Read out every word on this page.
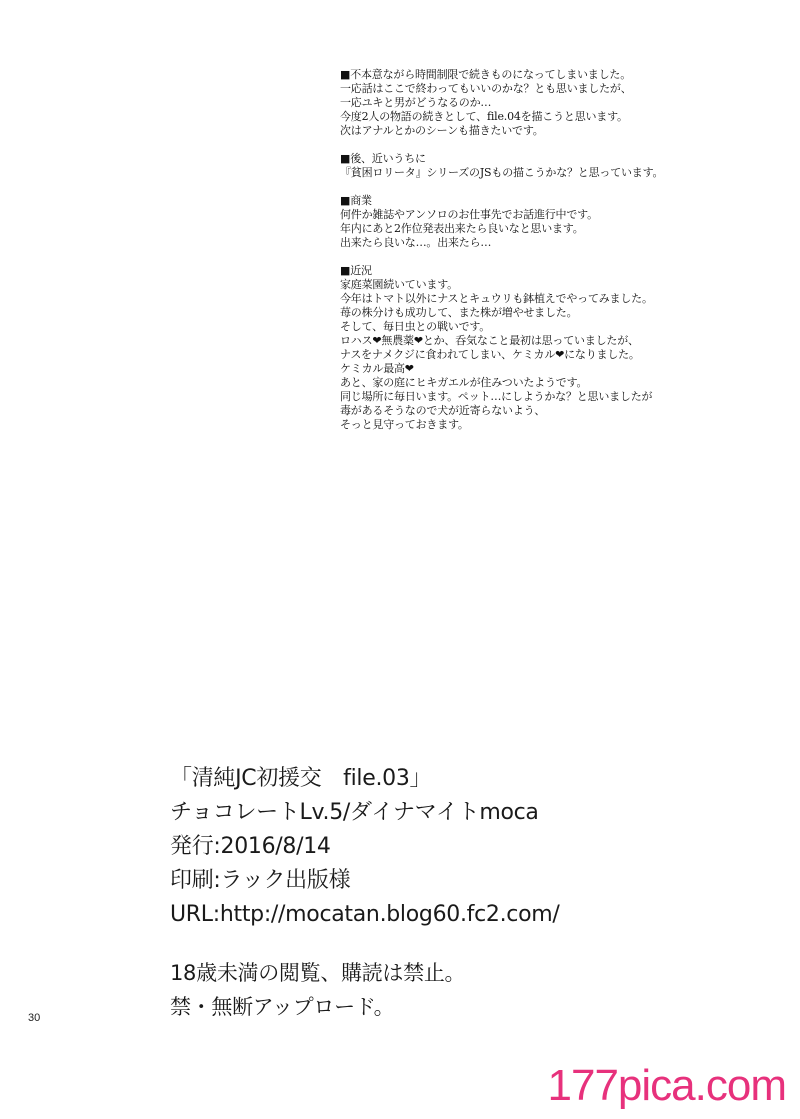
■不本意ながら時間制限で続きものになってしまいました。
一応話はここで終わってもいいのかな？とも思いましたが、
一応ユキと男がどうなるのか…
今度2人の物語の続きとして、file.04を描こうと思います。
次はアナルとかのシーンも描きたいです。
■後、近いうちに
『貧困ロリータ』シリーズのJSもの描こうかな？と思っています。
■商業
何件か雑誌やアンソロのお仕事先でお話進行中です。
年内にあと2作位発表出来たら良いなと思います。
出来たら良いな…。出来たら…
■近況
家庭菜園続いています。
今年はトマト以外にナスとキュウリも鉢植えでやってみました。
苺の株分けも成功して、また株が増やせました。
そして、毎日虫との戦いです。
ロハス❤無農薬❤とか、呑気なこと最初は思っていましたが、
ナスをナメクジに食われてしまい、ケミカル❤になりました。
ケミカル最高❤
あと、家の庭にヒキガエルが住みついたようです。
同じ場所に毎日います。ペット…にしようかな？と思いましたが
毒があるそうなので犬が近寄らないよう、
そっと見守っておきます。
「清純JC初援交　file.03」
チョコレートLv.5/ダイナマイトmoca
発行:2016/8/14
印刷:ラック出版様
URL:http://mocatan.blog60.fc2.com/
18歳未満の閲覧、購読は禁止。
禁・無断アップロード。
30
177pica.com
